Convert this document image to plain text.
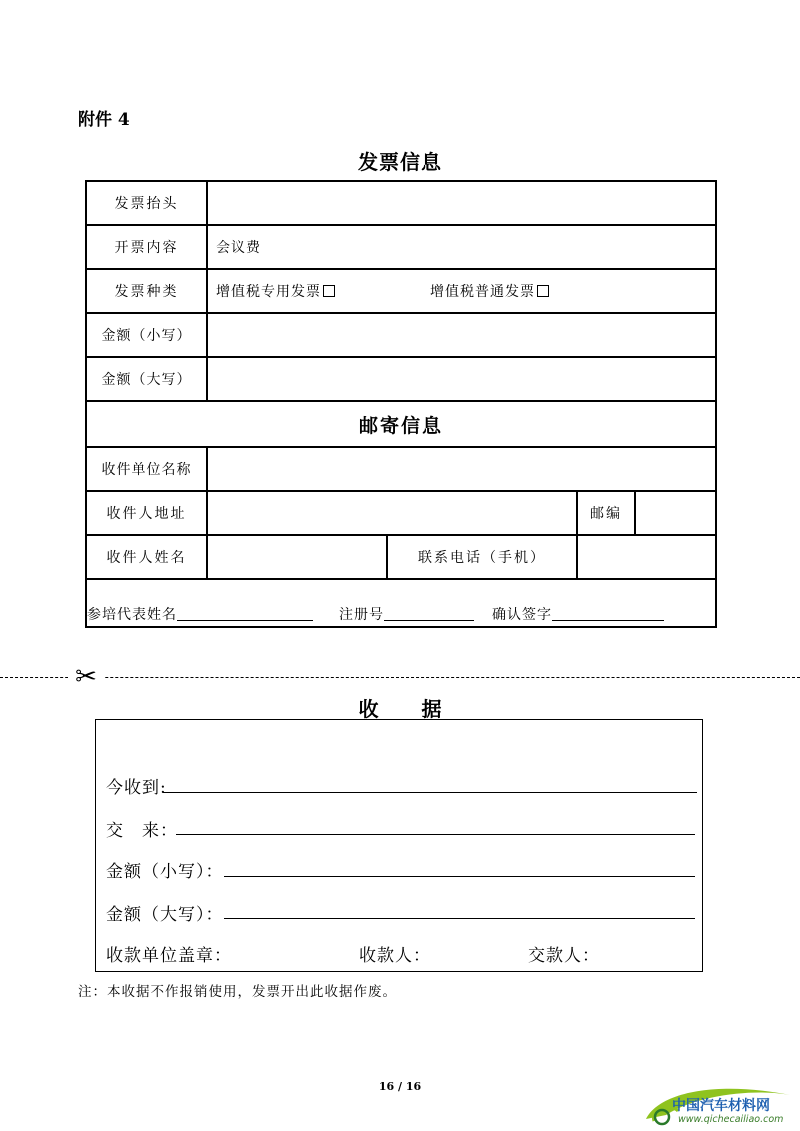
附件 4
发票信息
发票抬头				
开票内容	会议费			
发票种类	增值税专用发票 增值税普通发票			
金额（小写）				
金额（大写）				
邮寄信息				
收件单位名称				
收件人地址			邮编	
收件人姓名		联系电话（手机）		
参培代表姓名 注册号 确认签字				
✂
收 据
今收到:
交　来：
金额（小写）：
金额（大写）：
收款单位盖章：	收款人：	交款人：
注：本收据不作报销使用，发票开出此收据作废。
16 / 16
中国汽车材料网
www.qichecailiao.com
